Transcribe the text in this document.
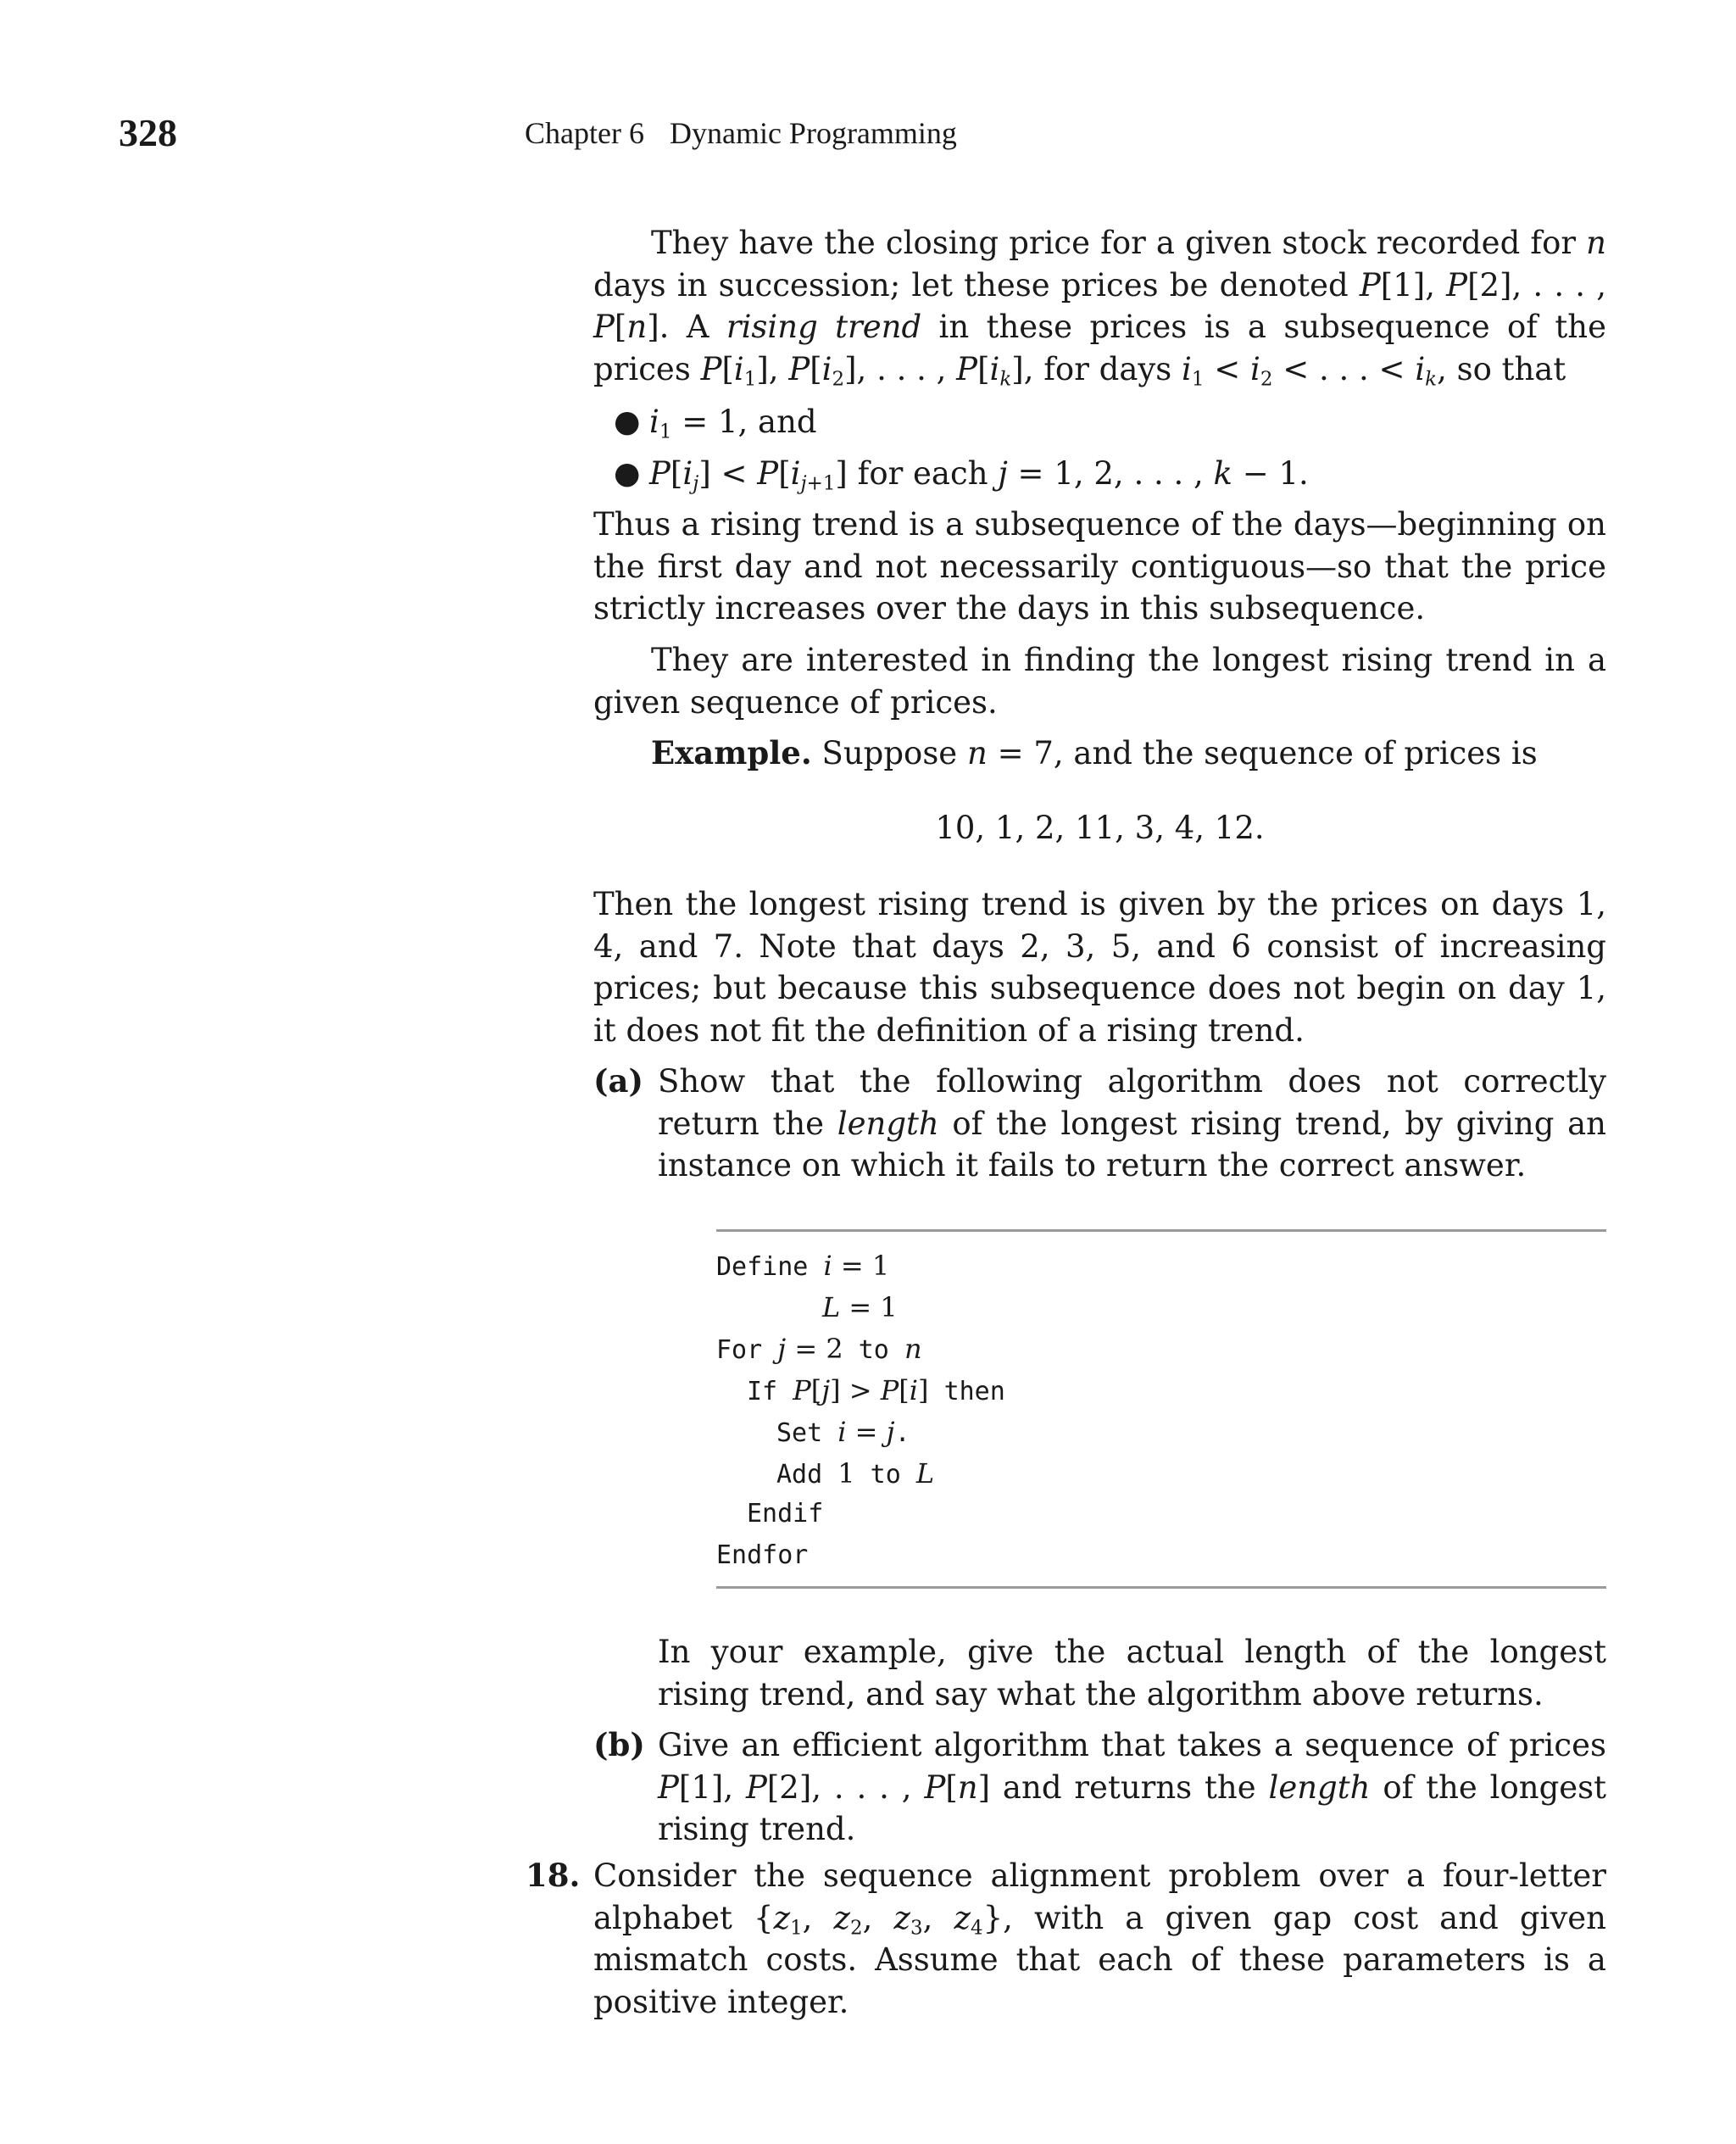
328	Chapter 6 Dynamic Programming
They have the closing price for a given stock recorded for n days in succession; let these prices be denoted P[1], P[2], . . . , P[n]. A rising trend in these prices is a subsequence of the prices $P[i_1]$, $P[i_2]$, . . . , $P[i_k]$, for days $i_1 < i_2$ < . . . < $i_k$, so that
● $i_1 = 1$, and
● $P[i_j] < P[i_{j+1}]$ for each j = 1, 2, . . . , k − 1.
Thus a rising trend is a subsequence of the days—beginning on the first day and not necessarily contiguous—so that the price strictly increases over the days in this subsequence.
They are interested in finding the longest rising trend in a given sequence of prices.
Example. Suppose n = 7, and the sequence of prices is
10, 1, 2, 11, 3, 4, 12.
Then the longest rising trend is given by the prices on days 1, 4, and 7. Note that days 2, 3, 5, and 6 consist of increasing prices; but because this subsequence does not begin on day 1, it does not fit the definition of a rising trend.
(a) Show that the following algorithm does not correctly return the length of the longest rising trend, by giving an instance on which it fails to return the correct answer.
Define i = 1
L = 1
For j = 2 to n
If P[j] > P[i] then
Set i = j.
Add 1 to L
Endif
Endfor
In your example, give the actual length of the longest rising trend, and say what the algorithm above returns.
(b) Give an efficient algorithm that takes a sequence of prices P[1], P[2], . . . , P[n] and returns the length of the longest rising trend.
18. Consider the sequence alignment problem over a four-letter alphabet {$z_1$, $z_2$, $z_3$, $z_4$}, with a given gap cost and given mismatch costs. Assume that each of these parameters is a positive integer.
